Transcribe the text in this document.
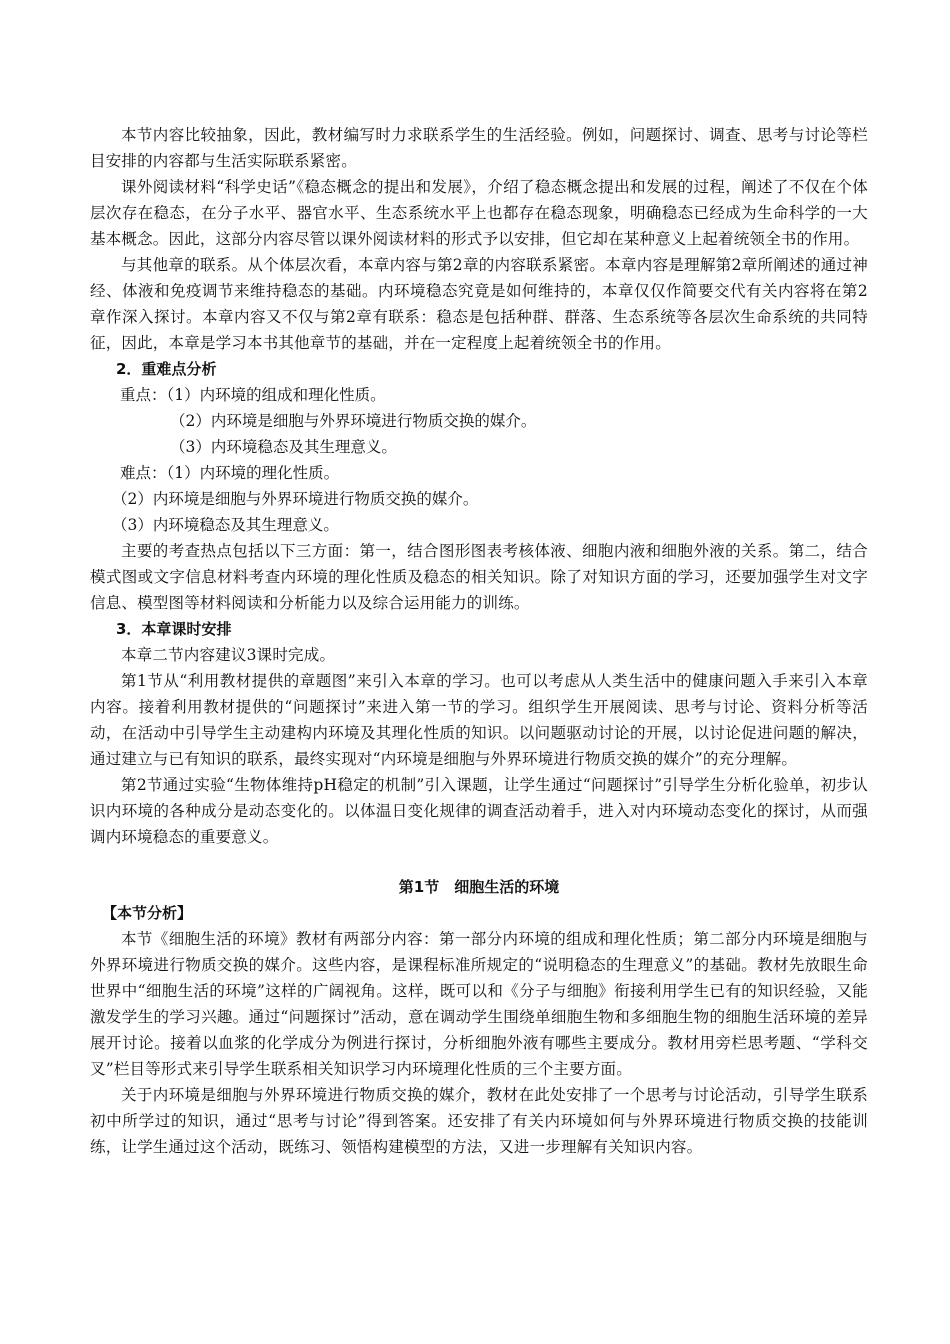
本节内容比较抽象，因此，教材编写时力求联系学生的生活经验。例如，问题探讨、调查、思考与讨论等栏目安排的内容都与生活实际联系紧密。

课外阅读材料“科学史话”《稳态概念的提出和发展》，介绍了稳态概念提出和发展的过程，阐述了不仅在个体层次存在稳态，在分子水平、器官水平、生态系统水平上也都存在稳态现象，明确稳态已经成为生命科学的一大基本概念。因此，这部分内容尽管以课外阅读材料的形式予以安排，但它却在某种意义上起着统领全书的作用。

与其他章的联系。从个体层次看，本章内容与第2章的内容联系紧密。本章内容是理解第2章所阐述的通过神经、体液和免疫调节来维持稳态的基础。内环境稳态究竟是如何维持的，本章仅仅作简要交代有关内容将在第2章作深入探讨。本章内容又不仅与第2章有联系：稳态是包括种群、群落、生态系统等各层次生命系统的共同特征，因此，本章是学习本书其他章节的基础，并在一定程度上起着统领全书的作用。

2．重难点分析

重点：（1）内环境的组成和理化性质。

（2）内环境是细胞与外界环境进行物质交换的媒介。

（3）内环境稳态及其生理意义。

难点：（1）内环境的理化性质。

（2）内环境是细胞与外界环境进行物质交换的媒介。

（3）内环境稳态及其生理意义。

主要的考查热点包括以下三方面：第一，结合图形图表考核体液、细胞内液和细胞外液的关系。第二，结合模式图或文字信息材料考查内环境的理化性质及稳态的相关知识。除了对知识方面的学习，还要加强学生对文字信息、模型图等材料阅读和分析能力以及综合运用能力的训练。

3．本章课时安排

本章二节内容建议3课时完成。

第1节从“利用教材提供的章题图”来引入本章的学习。也可以考虑从人类生活中的健康问题入手来引入本章内容。接着利用教材提供的“问题探讨”来进入第一节的学习。组织学生开展阅读、思考与讨论、资料分析等活动，在活动中引导学生主动建构内环境及其理化性质的知识。以问题驱动讨论的开展，以讨论促进问题的解决，通过建立与已有知识的联系，最终实现对“内环境是细胞与外界环境进行物质交换的媒介”的充分理解。

第2节通过实验“生物体维持pH稳定的机制”引入课题，让学生通过“问题探讨”引导学生分析化验单，初步认识内环境的各种成分是动态变化的。以体温日变化规律的调查活动着手，进入对内环境动态变化的探讨，从而强调内环境稳态的重要意义。

第1节　细胞生活的环境

【本节分析】

本节《细胞生活的环境》教材有两部分内容：第一部分内环境的组成和理化性质；第二部分内环境是细胞与外界环境进行物质交换的媒介。这些内容，是课程标准所规定的“说明稳态的生理意义”的基础。教材先放眼生命世界中“细胞生活的环境”这样的广阔视角。这样，既可以和《分子与细胞》衔接利用学生已有的知识经验，又能激发学生的学习兴趣。通过“问题探讨”活动，意在调动学生围绕单细胞生物和多细胞生物的细胞生活环境的差异展开讨论。接着以血浆的化学成分为例进行探讨，分析细胞外液有哪些主要成分。教材用旁栏思考题、“学科交叉”栏目等形式来引导学生联系相关知识学习内环境理化性质的三个主要方面。

关于内环境是细胞与外界环境进行物质交换的媒介，教材在此处安排了一个思考与讨论活动，引导学生联系初中所学过的知识，通过“思考与讨论”得到答案。还安排了有关内环境如何与外界环境进行物质交换的技能训练，让学生通过这个活动，既练习、领悟构建模型的方法，又进一步理解有关知识内容。
